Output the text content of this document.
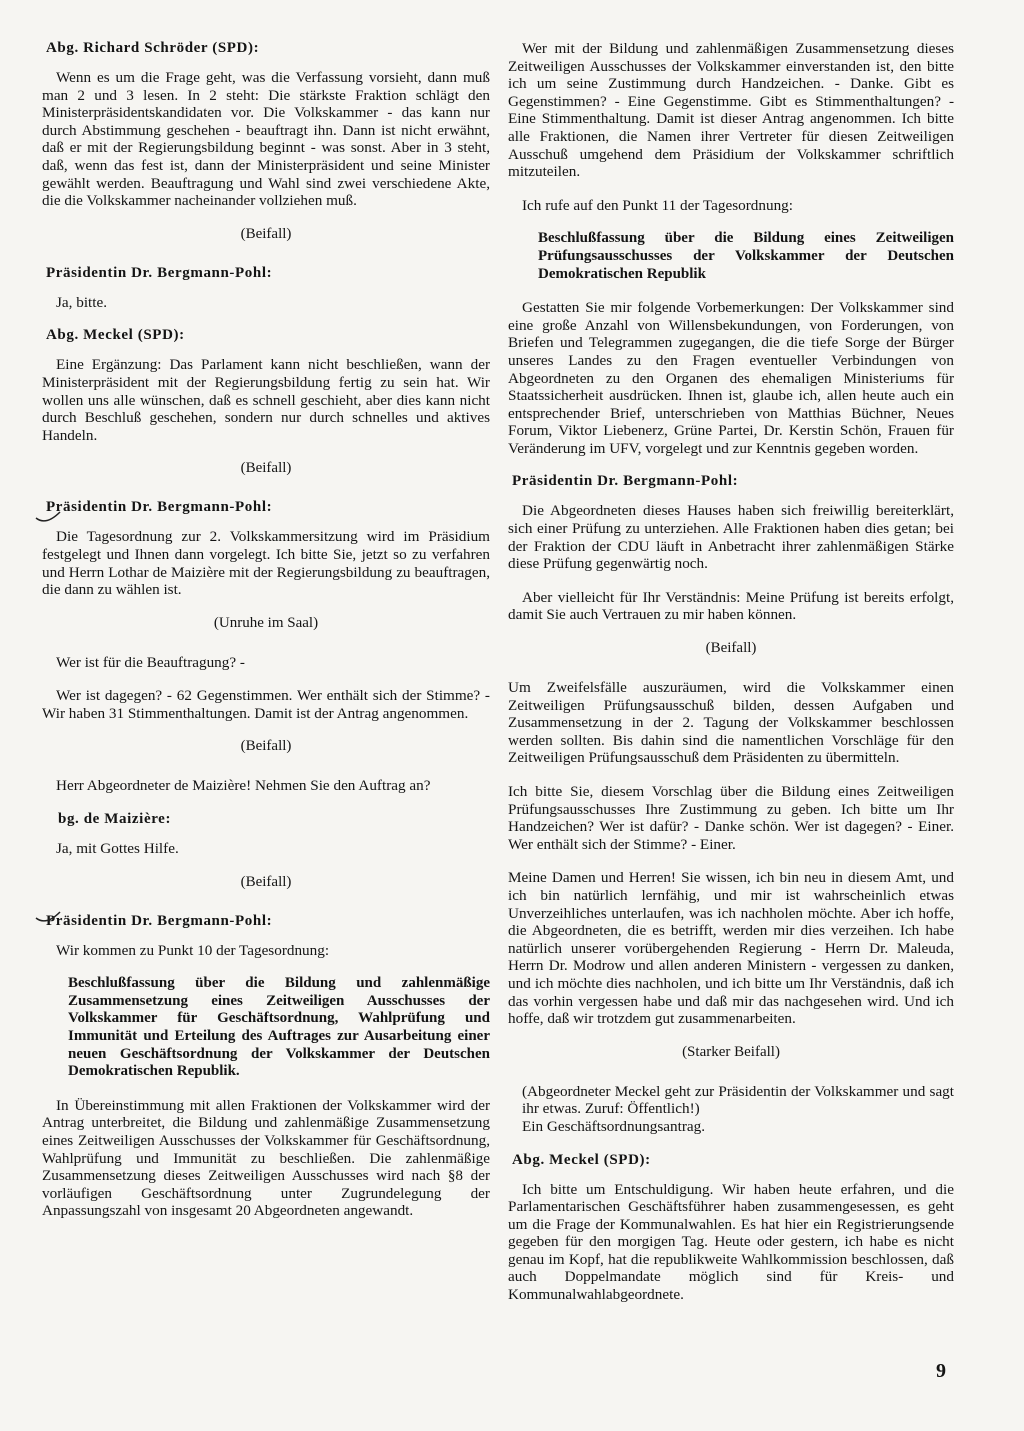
Abg. Richard Schröder (SPD):

Wenn es um die Frage geht, was die Verfassung vorsieht, dann muß man 2 und 3 lesen. In 2 steht: Die stärkste Fraktion schlägt den Ministerpräsidentskandidaten vor. Die Volkskammer - das kann nur durch Abstimmung geschehen - beauftragt ihn. Dann ist nicht erwähnt, daß er mit der Regierungsbildung beginnt - was sonst. Aber in 3 steht, daß, wenn das fest ist, dann der Ministerpräsident und seine Minister gewählt werden. Beauftragung und Wahl sind zwei verschiedene Akte, die die Volkskammer nacheinander vollziehen muß.

(Beifall)
Präsidentin Dr. Bergmann-Pohl:

Ja, bitte.

Abg. Meckel (SPD):

Eine Ergänzung: Das Parlament kann nicht beschließen, wann der Ministerpräsident mit der Regierungsbildung fertig zu sein hat. Wir wollen uns alle wünschen, daß es schnell geschieht, aber dies kann nicht durch Beschluß geschehen, sondern nur durch schnelles und aktives Handeln.

(Beifall)
Präsidentin Dr. Bergmann-Pohl:

Die Tagesordnung zur 2. Volkskammersitzung wird im Präsidium festgelegt und Ihnen dann vorgelegt. Ich bitte Sie, jetzt so zu verfahren und Herrn Lothar de Maizière mit der Regierungsbildung zu beauftragen, die dann zu wählen ist.

(Unruhe im Saal)

Wer ist für die Beauftragung? -

Wer ist dagegen? - 62 Gegenstimmen. Wer enthält sich der Stimme? - Wir haben 31 Stimmenthaltungen. Damit ist der Antrag angenommen.

(Beifall)

Herr Abgeordneter de Maizière! Nehmen Sie den Auftrag an?

bg. de Maizière:

Ja, mit Gottes Hilfe.

(Beifall)
Präsidentin Dr. Bergmann-Pohl:

Wir kommen zu Punkt 10 der Tagesordnung:

Beschlußfassung über die Bildung und zahlenmäßige Zusammensetzung eines Zeitweiligen Ausschusses der Volkskammer für Geschäftsordnung, Wahlprüfung und Immunität und Erteilung des Auftrages zur Ausarbeitung einer neuen Geschäftsordnung der Volkskammer der Deutschen Demokratischen Republik.

In Übereinstimmung mit allen Fraktionen der Volkskammer wird der Antrag unterbreitet, die Bildung und zahlenmäßige Zusammensetzung eines Zeitweiligen Ausschusses der Volkskammer für Geschäftsordnung, Wahlprüfung und Immunität zu beschließen. Die zahlenmäßige Zusammensetzung dieses Zeitweiligen Ausschusses wird nach §8 der vorläufigen Geschäftsordnung unter Zugrundelegung der Anpassungszahl von insgesamt 20 Abgeordneten angewandt.

Wer mit der Bildung und zahlenmäßigen Zusammensetzung dieses Zeitweiligen Ausschusses der Volkskammer einverstanden ist, den bitte ich um seine Zustimmung durch Handzeichen. - Danke. Gibt es Gegenstimmen? - Eine Gegenstimme. Gibt es Stimmenthaltungen? - Eine Stimmenthaltung. Damit ist dieser Antrag angenommen. Ich bitte alle Fraktionen, die Namen ihrer Vertreter für diesen Zeitweiligen Ausschuß umgehend dem Präsidium der Volkskammer schriftlich mitzuteilen.

Ich rufe auf den Punkt 11 der Tagesordnung:

Beschlußfassung über die Bildung eines Zeitweiligen Prüfungsausschusses der Volkskammer der Deutschen Demokratischen Republik

Gestatten Sie mir folgende Vorbemerkungen: Der Volkskammer sind eine große Anzahl von Willensbekundungen, von Forderungen, von Briefen und Telegrammen zugegangen, die die tiefe Sorge der Bürger unseres Landes zu den Fragen eventueller Verbindungen von Abgeordneten zu den Organen des ehemaligen Ministeriums für Staatssicherheit ausdrücken. Ihnen ist, glaube ich, allen heute auch ein entsprechender Brief, unterschrieben von Matthias Büchner, Neues Forum, Viktor Liebenerz, Grüne Partei, Dr. Kerstin Schön, Frauen für Veränderung im UFV, vorgelegt und zur Kenntnis gegeben worden.

Präsidentin Dr. Bergmann-Pohl:

Die Abgeordneten dieses Hauses haben sich freiwillig bereiterklärt, sich einer Prüfung zu unterziehen. Alle Fraktionen haben dies getan; bei der Fraktion der CDU läuft in Anbetracht ihrer zahlenmäßigen Stärke diese Prüfung gegenwärtig noch.

Aber vielleicht für Ihr Verständnis: Meine Prüfung ist bereits erfolgt, damit Sie auch Vertrauen zu mir haben können.

(Beifall)

Um Zweifelsfälle auszuräumen, wird die Volkskammer einen Zeitweiligen Prüfungsausschuß bilden, dessen Aufgaben und Zusammensetzung in der 2. Tagung der Volkskammer beschlossen werden sollten. Bis dahin sind die namentlichen Vorschläge für den Zeitweiligen Prüfungsausschuß dem Präsidenten zu übermitteln.

Ich bitte Sie, diesem Vorschlag über die Bildung eines Zeitweiligen Prüfungsausschusses Ihre Zustimmung zu geben. Ich bitte um Ihr Handzeichen? Wer ist dafür? - Danke schön. Wer ist dagegen? - Einer. Wer enthält sich der Stimme? - Einer.

Meine Damen und Herren! Sie wissen, ich bin neu in diesem Amt, und ich bin natürlich lernfähig, und mir ist wahrscheinlich etwas Unverzeihliches unterlaufen, was ich nachholen möchte. Aber ich hoffe, die Abgeordneten, die es betrifft, werden mir dies verzeihen. Ich habe natürlich unserer vorübergehenden Regierung - Herrn Dr. Maleuda, Herrn Dr. Modrow und allen anderen Ministern - vergessen zu danken, und ich möchte dies nachholen, und ich bitte um Ihr Verständnis, daß ich das vorhin vergessen habe und daß mir das nachgesehen wird. Und ich hoffe, daß wir trotzdem gut zusammenarbeiten.

(Starker Beifall)

(Abgeordneter Meckel geht zur Präsidentin der Volkskammer und sagt ihr etwas. Zuruf: Öffentlich!)

Ein Geschäftsordnungsantrag.

Abg. Meckel (SPD):

Ich bitte um Entschuldigung. Wir haben heute erfahren, und die Parlamentarischen Geschäftsführer haben zusammengesessen, es geht um die Frage der Kommunalwahlen. Es hat hier ein Registrierungsende gegeben für den morgigen Tag. Heute oder gestern, ich habe es nicht genau im Kopf, hat die republikweite Wahlkommission beschlossen, daß auch Doppelmandate möglich sind für Kreis- und Kommunalwahlabgeordnete.

9
